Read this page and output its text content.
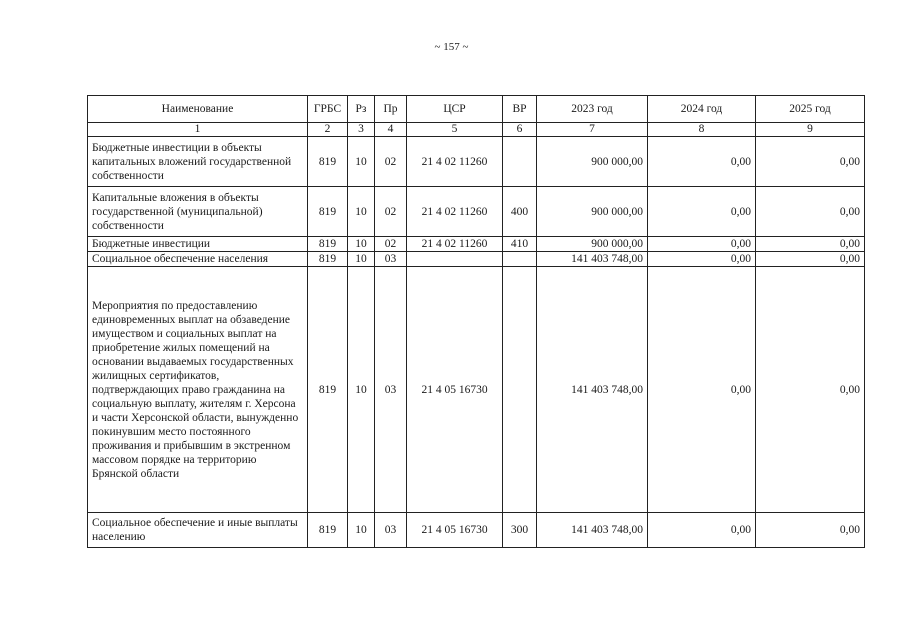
~ 157 ~
Наименование	ГРБС	Рз	Пр	ЦСР	ВР	2023 год	2024 год	2025 год
1	2	3	4	5	6	7	8	9
Бюджетные инвестиции в объекты капитальных вложений государственной собственности	819	10	02	21 4 02 11260		900 000,00	0,00	0,00
Капитальные вложения в объекты государственной (муниципальной) собственности	819	10	02	21 4 02 11260	400	900 000,00	0,00	0,00
Бюджетные инвестиции	819	10	02	21 4 02 11260	410	900 000,00	0,00	0,00
Социальное обеспечение населения	819	10	03			141 403 748,00	0,00	0,00
Мероприятия по предоставлению единовременных выплат на обзаведение имуществом и социальных выплат на приобретение жилых помещений на основании выдаваемых государственных жилищных сертификатов, подтверждающих право гражданина на социальную выплату, жителям г. Херсона и части Херсонской области, вынужденно покинувшим место постоянного проживания и прибывшим в экстренном массовом порядке на территорию Брянской области	819	10	03	21 4 05 16730		141 403 748,00	0,00	0,00
Социальное обеспечение и иные выплаты населению	819	10	03	21 4 05 16730	300	141 403 748,00	0,00	0,00
